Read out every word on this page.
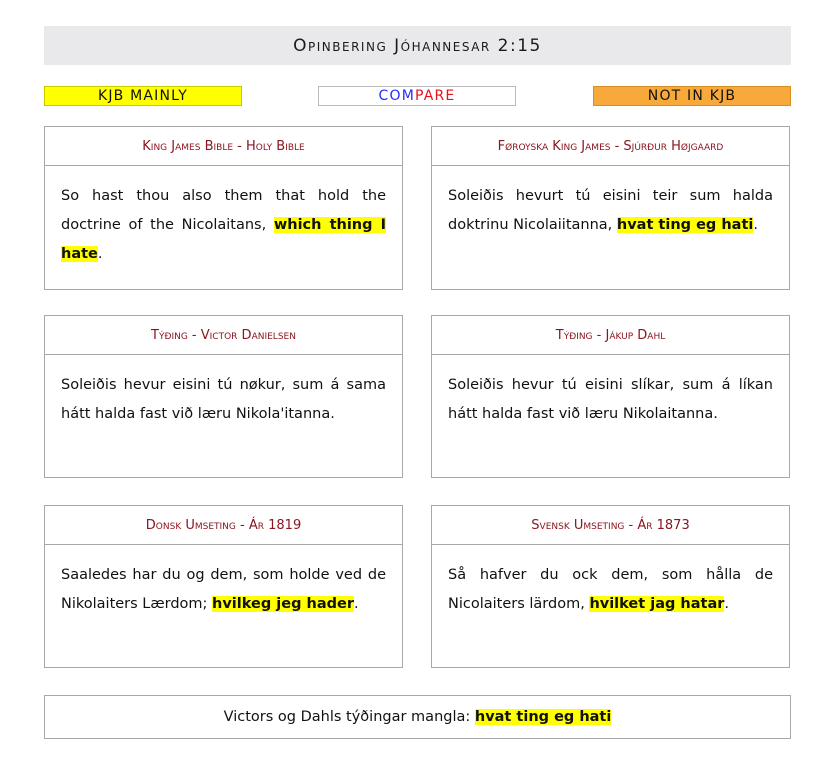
Opinbering Jóhannesar 2:15
KJB MAINLY	COM PARE	NOT IN KJB
King James Bible - Holy Bible
So hast thou also them that hold the doctrine of the Nicolaitans, which thing I hate.
Føroyska King James - Sjúrður Højgaard
Soleiðis hevurt tú eisini teir sum halda doktrinu Nicolaiitanna, hvat ting eg hati.
Týðing - Victor Danielsen
Soleiðis hevur eisini tú nøkur, sum á sama hátt halda fast við læru Nikola'itanna.
Týðing - Jákup Dahl
Soleiðis hevur tú eisini slíkar, sum á líkan hátt halda fast við læru Nikolaitanna.
Donsk Umseting - Ár 1819
Saaledes har du og dem, som holde ved de Nikolaiters Lærdom; hvilkeg jeg hader.
Svensk Umseting - Ár 1873
Så hafver du ock dem, som hålla de Nicolaiters lärdom, hvilket jag hatar.
Victors og Dahls týðingar mangla: hvat ting eg hati
